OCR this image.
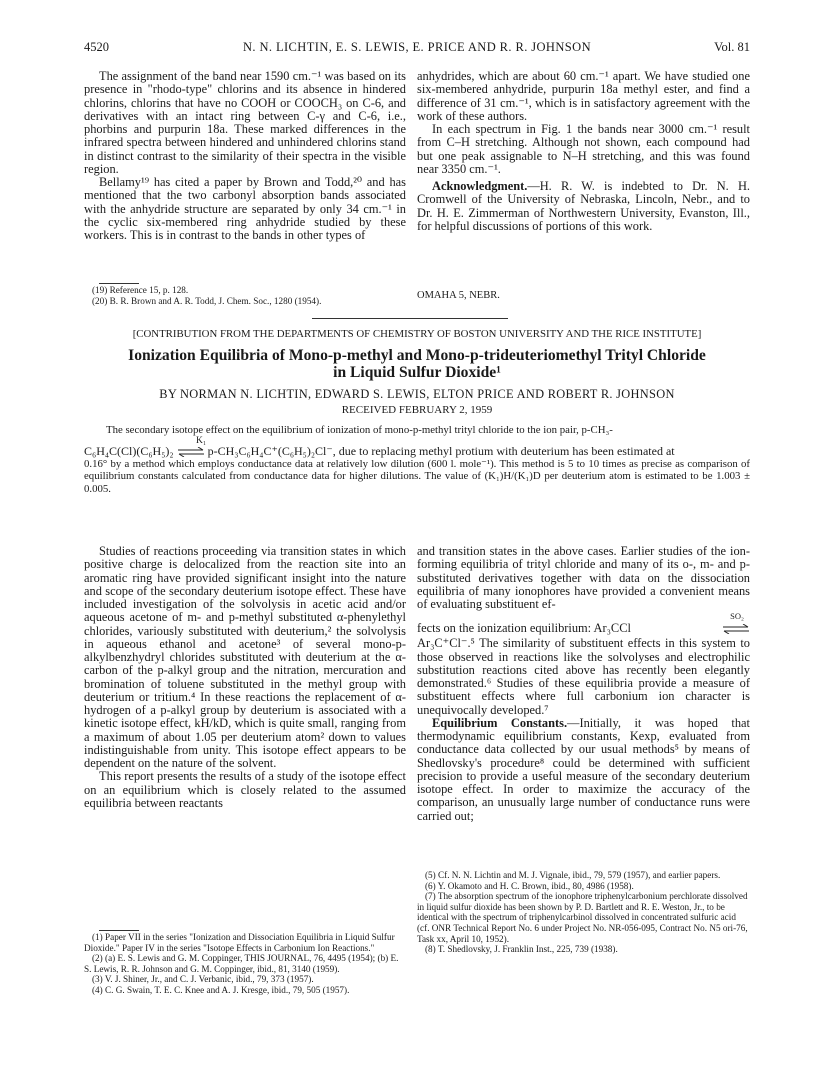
4520	N. N. LICHTIN, E. S. LEWIS, E. PRICE AND R. R. JOHNSON	Vol. 81

The assignment of the band near 1590 cm.⁻¹ was based on its presence in "rhodo-type" chlorins and its absence in hindered chlorins, chlorins that have no COOH or COOCH₃ on C-6, and derivatives with an intact ring between C-γ and C-6, i.e., phorbins and purpurin 18a. These marked differences in the infrared spectra between hindered and unhindered chlorins stand in distinct contrast to the similarity of their spectra in the visible region.

Bellamy¹⁹ has cited a paper by Brown and Todd,²⁰ and has mentioned that the two carbonyl absorption bands associated with the anhydride structure are separated by only 34 cm.⁻¹ in the cyclic six-membered ring anhydride studied by these workers. This is in contrast to the bands in other types of

(19) Reference 15, p. 128.
(20) B. R. Brown and A. R. Todd, J. Chem. Soc., 1280 (1954).

anhydrides, which are about 60 cm.⁻¹ apart. We have studied one six-membered anhydride, purpurin 18a methyl ester, and find a difference of 31 cm.⁻¹, which is in satisfactory agreement with the work of these authors.

In each spectrum in Fig. 1 the bands near 3000 cm.⁻¹ result from C–H stretching. Although not shown, each compound had but one peak assignable to N–H stretching, and this was found near 3350 cm.⁻¹.

Acknowledgment.—H. R. W. is indebted to Dr. N. H. Cromwell of the University of Nebraska, Lincoln, Nebr., and to Dr. H. E. Zimmerman of Northwestern University, Evanston, Ill., for helpful discussions of portions of this work.

OMAHA 5, NEBR.
[CONTRIBUTION FROM THE DEPARTMENTS OF CHEMISTRY OF BOSTON UNIVERSITY AND THE RICE INSTITUTE]
Ionization Equilibria of Mono-p-methyl and Mono-p-trideuteriomethyl Trityl Chloride
in Liquid Sulfur Dioxide¹
BY NORMAN N. LICHTIN, EDWARD S. LEWIS, ELTON PRICE AND ROBERT R. JOHNSON
RECEIVED FEBRUARY 2, 1959

The secondary isotope effect on the equilibrium of ionization of mono-p-methyl trityl chloride to the ion pair, p-CH₃-

K₁
C₆H₄C(Cl)(C₆H₅)₂ ⇌ p-CH₃C₆H₄C⁺(C₆H₅)₂Cl⁻, due to replacing methyl protium with deuterium has been estimated at

0.16° by a method which employs conductance data at relatively low dilution (600 l. mole⁻¹). This method is 5 to 10 times as precise as comparison of equilibrium constants calculated from conductance data for higher dilutions. The value of (K₁)H/(K₁)D per deuterium atom is estimated to be 1.003 ± 0.005.

Studies of reactions proceeding via transition states in which positive charge is delocalized from the reaction site into an aromatic ring have provided significant insight into the nature and scope of the secondary deuterium isotope effect. These have included investigation of the solvolysis in acetic acid and/or aqueous acetone of m- and p-methyl substituted α-phenylethyl chlorides, variously substituted with deuterium,² the solvolysis in aqueous ethanol and acetone³ of several mono-p-alkylbenzhydryl chlorides substituted with deuterium at the α-carbon of the p-alkyl group and the nitration, mercuration and bromination of toluene substituted in the methyl group with deuterium or tritium.⁴ In these reactions the replacement of α-hydrogen of a p-alkyl group by deuterium is associated with a kinetic isotope effect, kH/kD, which is quite small, ranging from a maximum of about 1.05 per deuterium atom² down to values indistinguishable from unity. This isotope effect appears to be dependent on the nature of the solvent.

This report presents the results of a study of the isotope effect on an equilibrium which is closely related to the assumed equilibria between reactants

(1) Paper VII in the series "Ionization and Dissociation Equilibria in Liquid Sulfur Dioxide." Paper IV in the series "Isotope Effects in Carbonium Ion Reactions."
(2) (a) E. S. Lewis and G. M. Coppinger, THIS JOURNAL, 76, 4495 (1954); (b) E. S. Lewis, R. R. Johnson and G. M. Coppinger, ibid., 81, 3140 (1959).
(3) V. J. Shiner, Jr., and C. J. Verbanic, ibid., 79, 373 (1957).
(4) C. G. Swain, T. E. C. Knee and A. J. Kresge, ibid., 79, 505 (1957).

and transition states in the above cases. Earlier studies of the ion-forming equilibria of trityl chloride and many of its o-, m- and p-substituted derivatives together with data on the dissociation equilibria of many ionophores have provided a convenient means of evaluating substituent ef-

SO₂
fects on the ionization equilibrium: Ar₃CCl

Ar₃C⁺Cl⁻.⁵ The similarity of substituent effects in this system to those observed in reactions like the solvolyses and electrophilic substitution reactions cited above has recently been elegantly demonstrated.⁶ Studies of these equilibria provide a measure of substituent effects where full carbonium ion character is unequivocally developed.⁷

Equilibrium Constants.—Initially, it was hoped that thermodynamic equilibrium constants, Kexp, evaluated from conductance data collected by our usual methods⁵ by means of Shedlovsky's procedure⁸ could be determined with sufficient precision to provide a useful measure of the secondary deuterium isotope effect. In order to maximize the accuracy of the comparison, an unusually large number of conductance runs were carried out;

(5) Cf. N. N. Lichtin and M. J. Vignale, ibid., 79, 579 (1957), and earlier papers.
(6) Y. Okamoto and H. C. Brown, ibid., 80, 4986 (1958).
(7) The absorption spectrum of the ionophore triphenylcarbonium perchlorate dissolved in liquid sulfur dioxide has been shown by P. D. Bartlett and R. E. Weston, Jr., to be identical with the spectrum of triphenylcarbinol dissolved in concentrated sulfuric acid (cf. ONR Technical Report No. 6 under Project No. NR-056-095, Contract No. N5 ori-76, Task xx, April 10, 1952).
(8) T. Shedlovsky, J. Franklin Inst., 225, 739 (1938).
